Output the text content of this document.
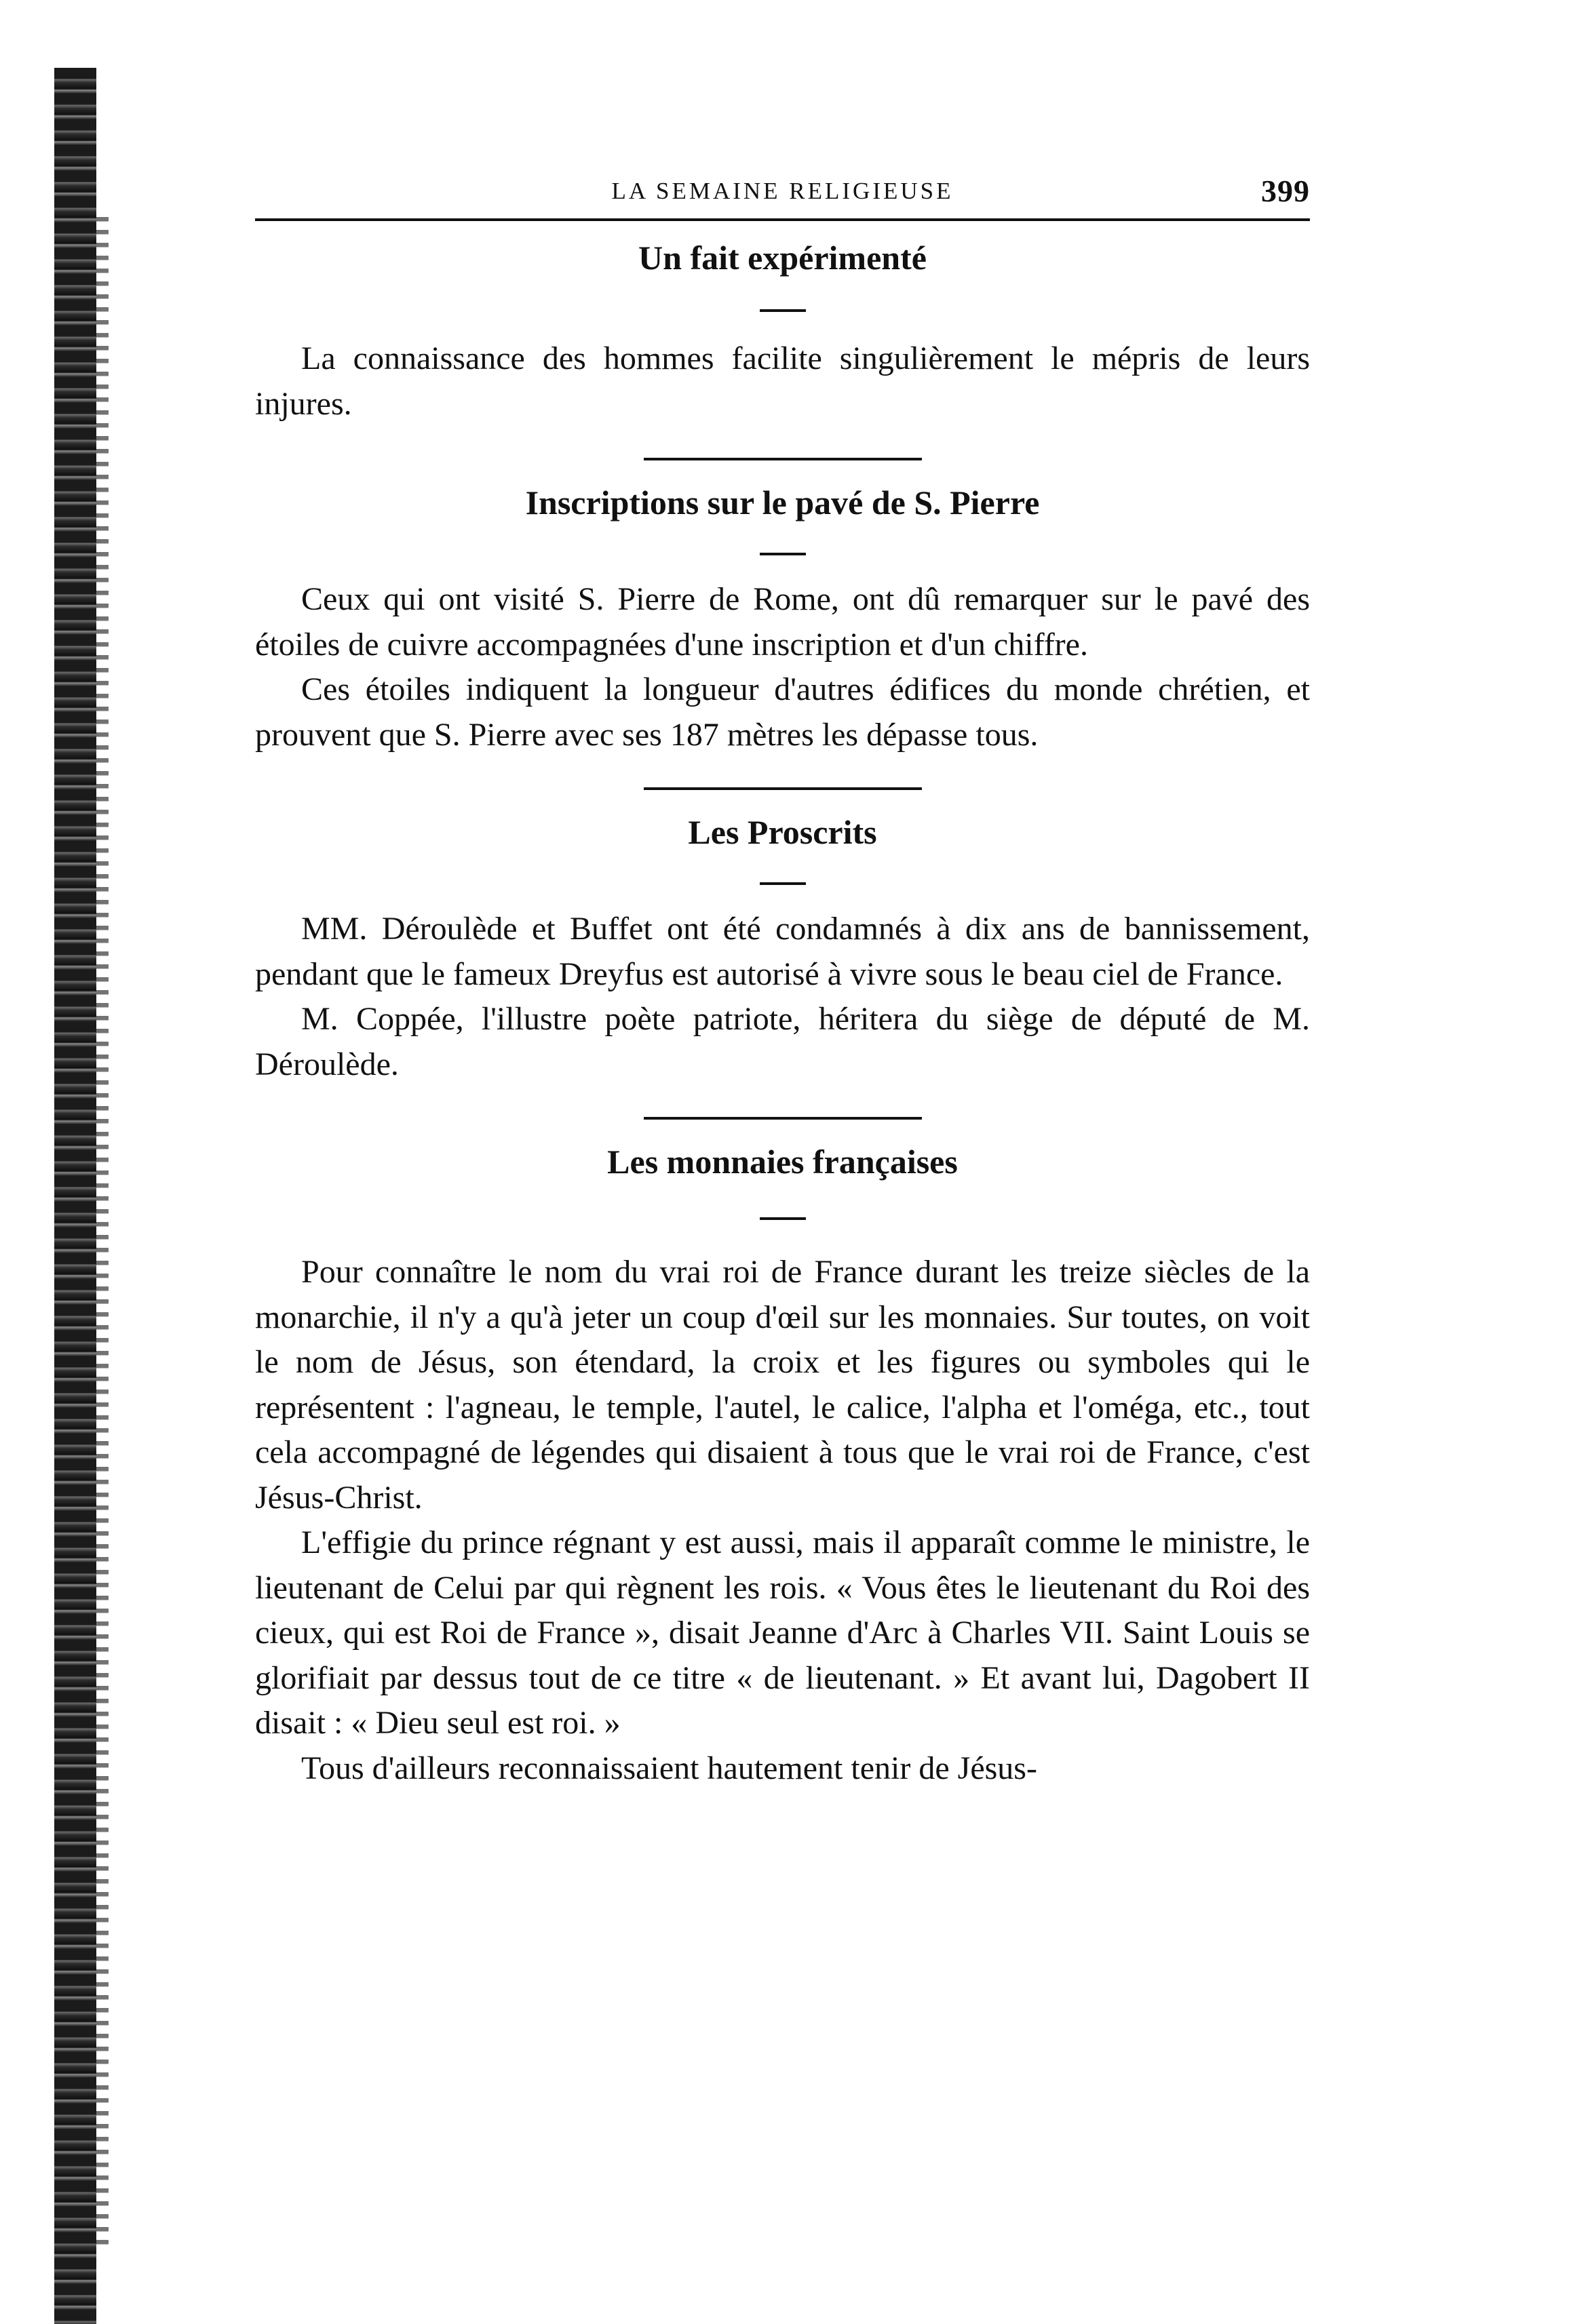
LA SEMAINE RELIGIEUSE	399
Un fait expérimenté

La connaissance des hommes facilite singulièrement le mépris de leurs injures.

Inscriptions sur le pavé de S. Pierre

Ceux qui ont visité S. Pierre de Rome, ont dû remarquer sur le pavé des étoiles de cuivre accompagnées d'une inscription et d'un chiffre.

Ces étoiles indiquent la longueur d'autres édifices du monde chrétien, et prouvent que S. Pierre avec ses 187 mètres les dépasse tous.

Les Proscrits

MM. Déroulède et Buffet ont été condamnés à dix ans de bannissement, pendant que le fameux Dreyfus est autorisé à vivre sous le beau ciel de France.

M. Coppée, l'illustre poète patriote, héritera du siège de député de M. Déroulède.

Les monnaies françaises

Pour connaître le nom du vrai roi de France durant les treize siècles de la monarchie, il n'y a qu'à jeter un coup d'œil sur les monnaies. Sur toutes, on voit le nom de Jésus, son étendard, la croix et les figures ou symboles qui le représentent : l'agneau, le temple, l'autel, le calice, l'alpha et l'oméga, etc., tout cela accompagné de légendes qui disaient à tous que le vrai roi de France, c'est Jésus-Christ.

L'effigie du prince régnant y est aussi, mais il apparaît comme le ministre, le lieutenant de Celui par qui règnent les rois. « Vous êtes le lieutenant du Roi des cieux, qui est Roi de France », disait Jeanne d'Arc à Charles VII. Saint Louis se glorifiait par dessus tout de ce titre « de lieutenant. » Et avant lui, Dagobert II disait : « Dieu seul est roi. »

Tous d'ailleurs reconnaissaient hautement tenir de Jésus-
